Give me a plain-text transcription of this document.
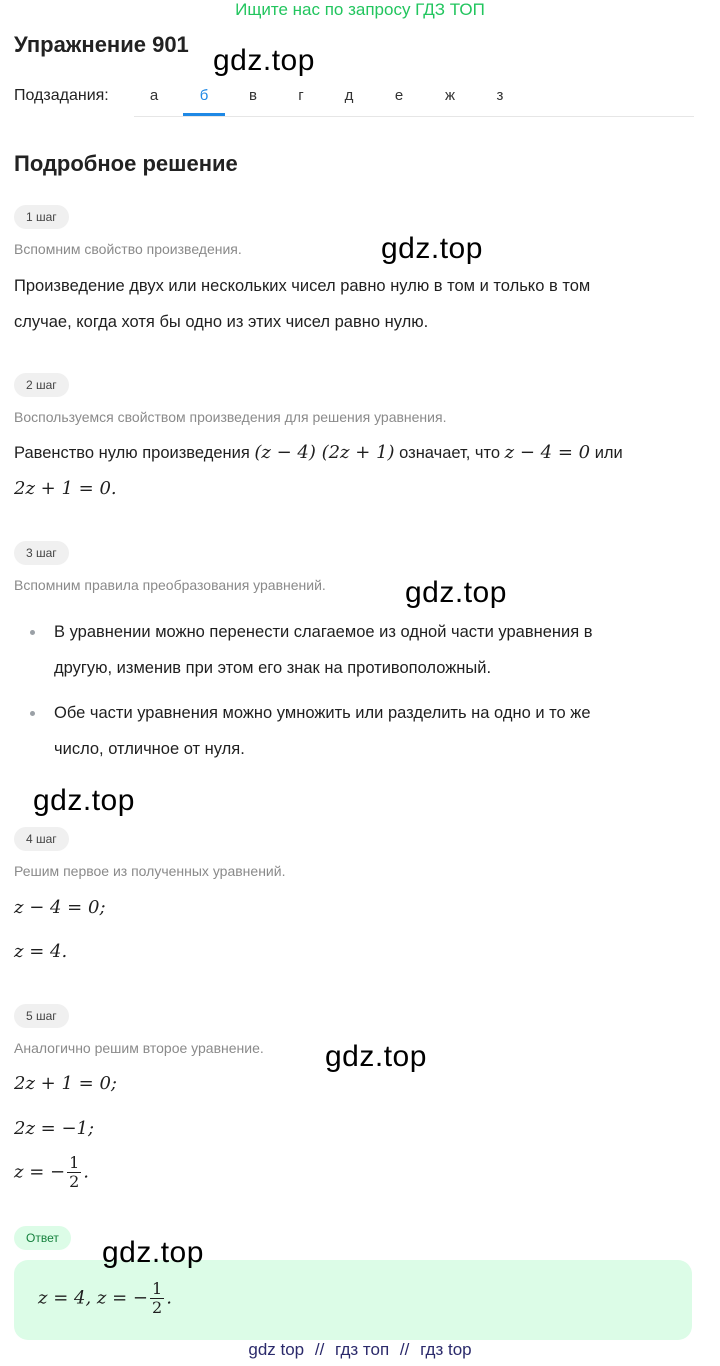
Ищите нас по запросу ГДЗ ТОП
Упражнение 901 gdz.top
Подзадания:	а	б	в	г	д	е	ж	з
Подробное решение
1 шаг
Вспомним свойство произведения.	gdz.top
Произведение двух или нескольких чисел равно нулю в том и только в том
случае, когда хотя бы одно из этих чисел равно нулю.
2 шаг
Воспользуемся свойством произведения для решения уравнения.
Равенство нулю произведения (z − 4) (2z + 1) означает, что z − 4 = 0 или
2z + 1 = 0.
3 шаг
Вспомним правила преобразования уравнений.	gdz.top
В уравнении можно перенести слагаемое из одной части уравнения в
другую, изменив при этом его знак на противоположный.
Обе части уравнения можно умножить или разделить на одно и то же
число, отличное от нуля.
gdz.top
4 шаг
Решим первое из полученных уравнений.
z − 4 = 0;
z = 4.
5 шаг
Аналогично решим второе уравнение. gdz.top
2z + 1 = 0;
2z = −1;
z = − $\frac{1}{2}$ .
Ответ	gdz.top
z = 4, z = − $\frac{1}{2}$ .
gdz top // гдз топ // гдз top
